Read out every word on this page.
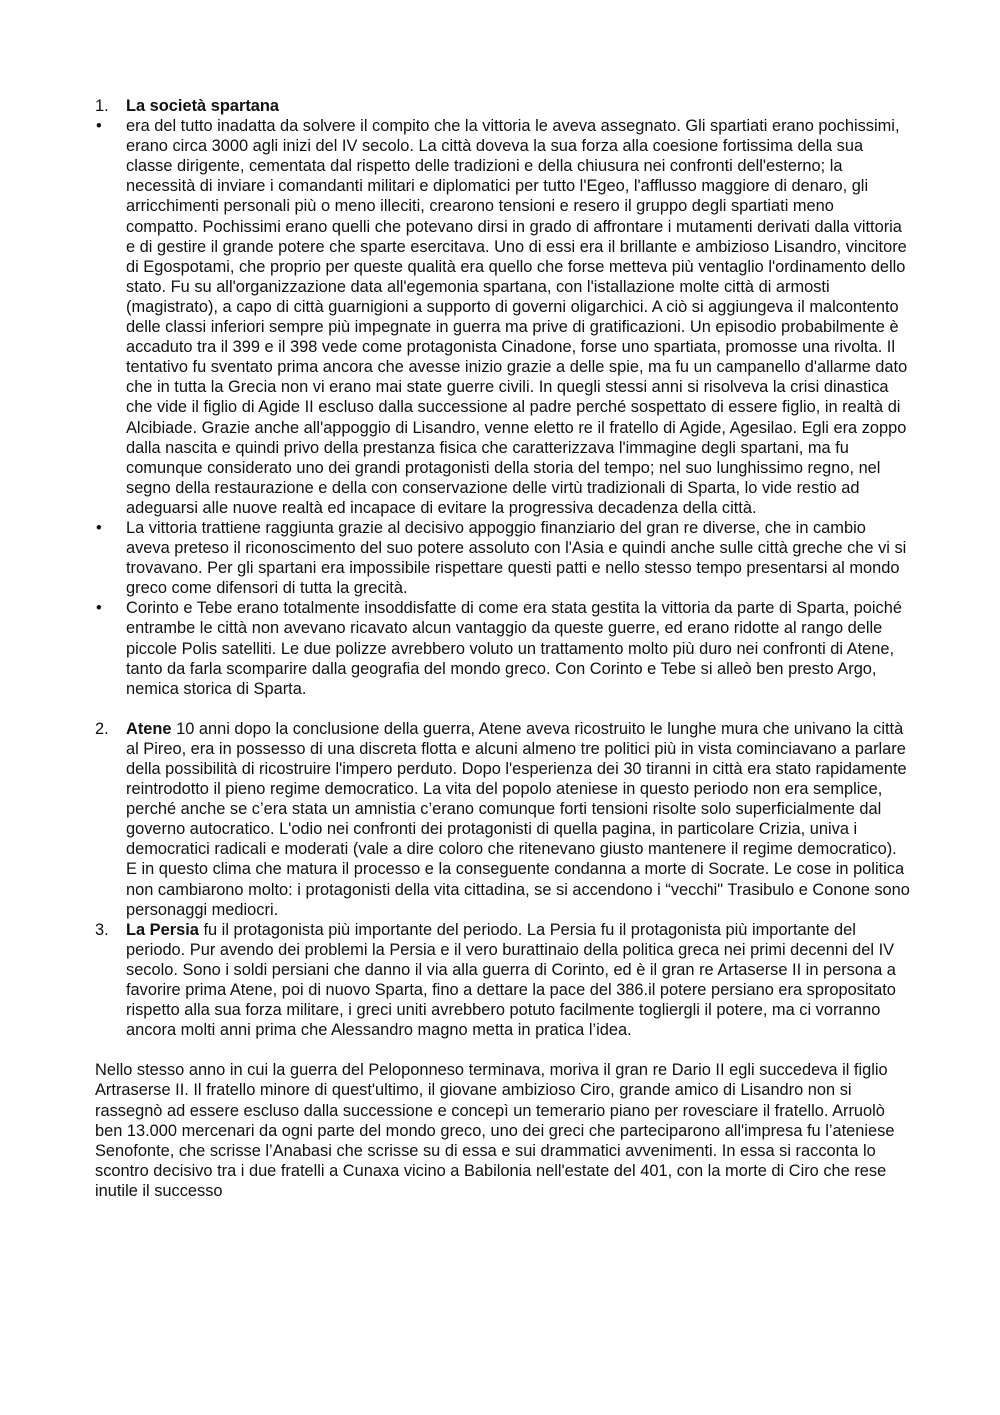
1. La società spartana
• era del tutto inadatta da solvere il compito che la vittoria le aveva assegnato. Gli spartiati erano pochissimi, erano circa 3000 agli inizi del IV secolo. La città doveva la sua forza alla coesione fortissima della sua classe dirigente, cementata dal rispetto delle tradizioni e della chiusura nei confronti dell'esterno; la necessità di inviare i comandanti militari e diplomatici per tutto l'Egeo, l'afflusso maggiore di denaro, gli arricchimenti personali più o meno illeciti, crearono tensioni e resero il gruppo degli spartiati meno compatto. Pochissimi erano quelli che potevano dirsi in grado di affrontare i mutamenti derivati dalla vittoria e di gestire il grande potere che sparte esercitava. Uno di essi era il brillante e ambizioso Lisandro, vincitore di Egospotami, che proprio per queste qualità era quello che forse metteva più ventaglio l'ordinamento dello stato. Fu su all'organizzazione data all'egemonia spartana, con l'istallazione molte città di armosti (magistrato), a capo di città guarnigioni a supporto di governi oligarchici. A ciò si aggiungeva il malcontento delle classi inferiori sempre più impegnate in guerra ma prive di gratificazioni. Un episodio probabilmente è accaduto tra il 399 e il 398 vede come protagonista Cinadone, forse uno spartiata, promosse una rivolta. Il tentativo fu sventato prima ancora che avesse inizio grazie a delle spie, ma fu un campanello d'allarme dato che in tutta la Grecia non vi erano mai state guerre civili. In quegli stessi anni si risolveva la crisi dinastica che vide il figlio di Agide II escluso dalla successione al padre perché sospettato di essere figlio, in realtà di Alcibiade. Grazie anche all'appoggio di Lisandro, venne eletto re il fratello di Agide, Agesilao. Egli era zoppo dalla nascita e quindi privo della prestanza fisica che caratterizzava l'immagine degli spartani, ma fu comunque considerato uno dei grandi protagonisti della storia del tempo; nel suo lunghissimo regno, nel segno della restaurazione e della con conservazione delle virtù tradizionali di Sparta, lo vide restio ad adeguarsi alle nuove realtà ed incapace di evitare la progressiva decadenza della città.
• La vittoria trattiene raggiunta grazie al decisivo appoggio finanziario del gran re diverse, che in cambio aveva preteso il riconoscimento del suo potere assoluto con l'Asia e quindi anche sulle città greche che vi si trovavano. Per gli spartani era impossibile rispettare questi patti e nello stesso tempo presentarsi al mondo greco come difensori di tutta la grecità.
• Corinto e Tebe erano totalmente insoddisfatte di come era stata gestita la vittoria da parte di Sparta, poiché entrambe le città non avevano ricavato alcun vantaggio da queste guerre, ed erano ridotte al rango delle piccole Polis satelliti. Le due polizze avrebbero voluto un trattamento molto più duro nei confronti di Atene, tanto da farla scomparire dalla geografia del mondo greco. Con Corinto e Tebe si alleò ben presto Argo, nemica storica di Sparta.
2. Atene 10 anni dopo la conclusione della guerra, Atene aveva ricostruito le lunghe mura che univano la città al Pireo, era in possesso di una discreta flotta e alcuni almeno tre politici più in vista cominciavano a parlare della possibilità di ricostruire l'impero perduto. Dopo l'esperienza dei 30 tiranni in città era stato rapidamente reintrodotto il pieno regime democratico. La vita del popolo ateniese in questo periodo non era semplice, perché anche se c’era stata un amnistia c’erano comunque forti tensioni risolte solo superficialmente dal governo autocratico. L'odio nei confronti dei protagonisti di quella pagina, in particolare Crizia, univa i democratici radicali e moderati (vale a dire coloro che ritenevano giusto mantenere il regime democratico). E in questo clima che matura il processo e la conseguente condanna a morte di Socrate. Le cose in politica non cambiarono molto: i protagonisti della vita cittadina, se si accendono i “vecchi" Trasibulo e Conone sono personaggi mediocri.
3. La Persia fu il protagonista più importante del periodo. La Persia fu il protagonista più importante del periodo. Pur avendo dei problemi la Persia e il vero burattinaio della politica greca nei primi decenni del IV secolo. Sono i soldi persiani che danno il via alla guerra di Corinto, ed è il gran re Artaserse II in persona a favorire prima Atene, poi di nuovo Sparta, fino a dettare la pace del 386.il potere persiano era spropositato rispetto alla sua forza militare, i greci uniti avrebbero potuto facilmente togliergli il potere, ma ci vorranno ancora molti anni prima che Alessandro magno metta in pratica l’idea.

Nello stesso anno in cui la guerra del Peloponneso terminava, moriva il gran re Dario II egli succedeva il figlio Artraserse II. Il fratello minore di quest'ultimo, il giovane ambizioso Ciro, grande amico di Lisandro non si rassegnò ad essere escluso dalla successione e concepì un temerario piano per rovesciare il fratello. Arruolò ben 13.000 mercenari da ogni parte del mondo greco, uno dei greci che parteciparono all'impresa fu l’ateniese Senofonte, che scrisse l’Anabasi che scrisse su di essa e sui drammatici avvenimenti. In essa si racconta lo scontro decisivo tra i due fratelli a Cunaxa vicino a Babilonia nell'estate del 401, con la morte di Ciro che rese inutile il successo
